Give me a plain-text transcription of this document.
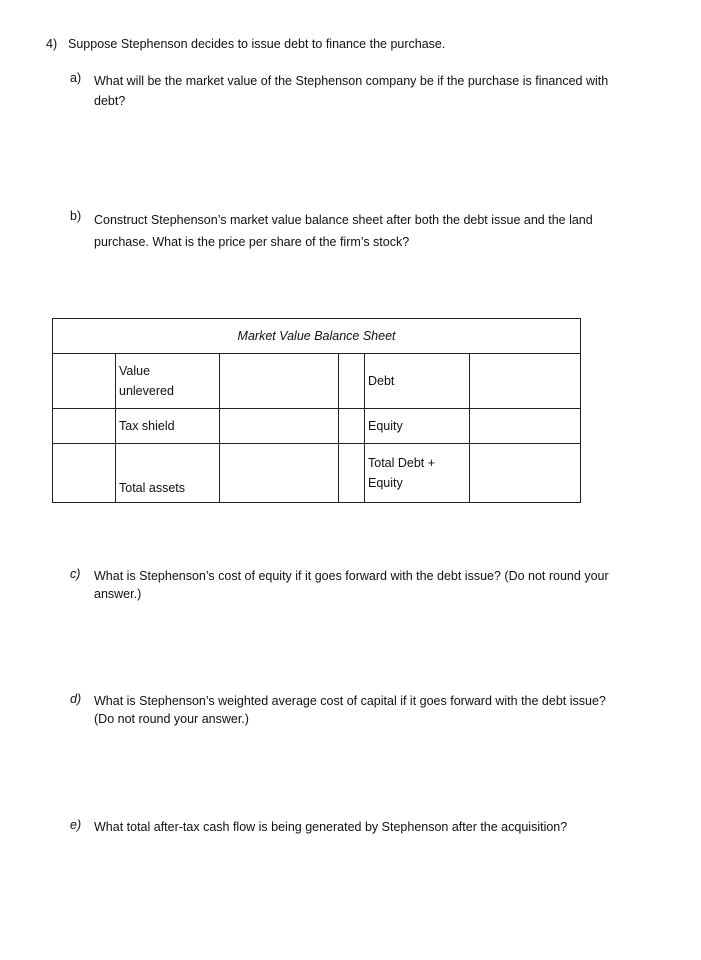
4) Suppose Stephenson decides to issue debt to finance the purchase.
a) What will be the market value of the Stephenson company be if the purchase is financed with
debt?
b) Construct Stephenson’s market value balance sheet after both the debt issue and the land
purchase. What is the price per share of the firm’s stock?
Market Value Balance Sheet					

	Value
unlevered			Debt	

	Tax shield			Equity	

	Total assets			Total Debt +
Equity	

c) What is Stephenson’s cost of equity if it goes forward with the debt issue? (Do not round your
answer.)
d) What is Stephenson’s weighted average cost of capital if it goes forward with the debt issue?
(Do not round your answer.)
e) What total after-tax cash flow is being generated by Stephenson after the acquisition?
